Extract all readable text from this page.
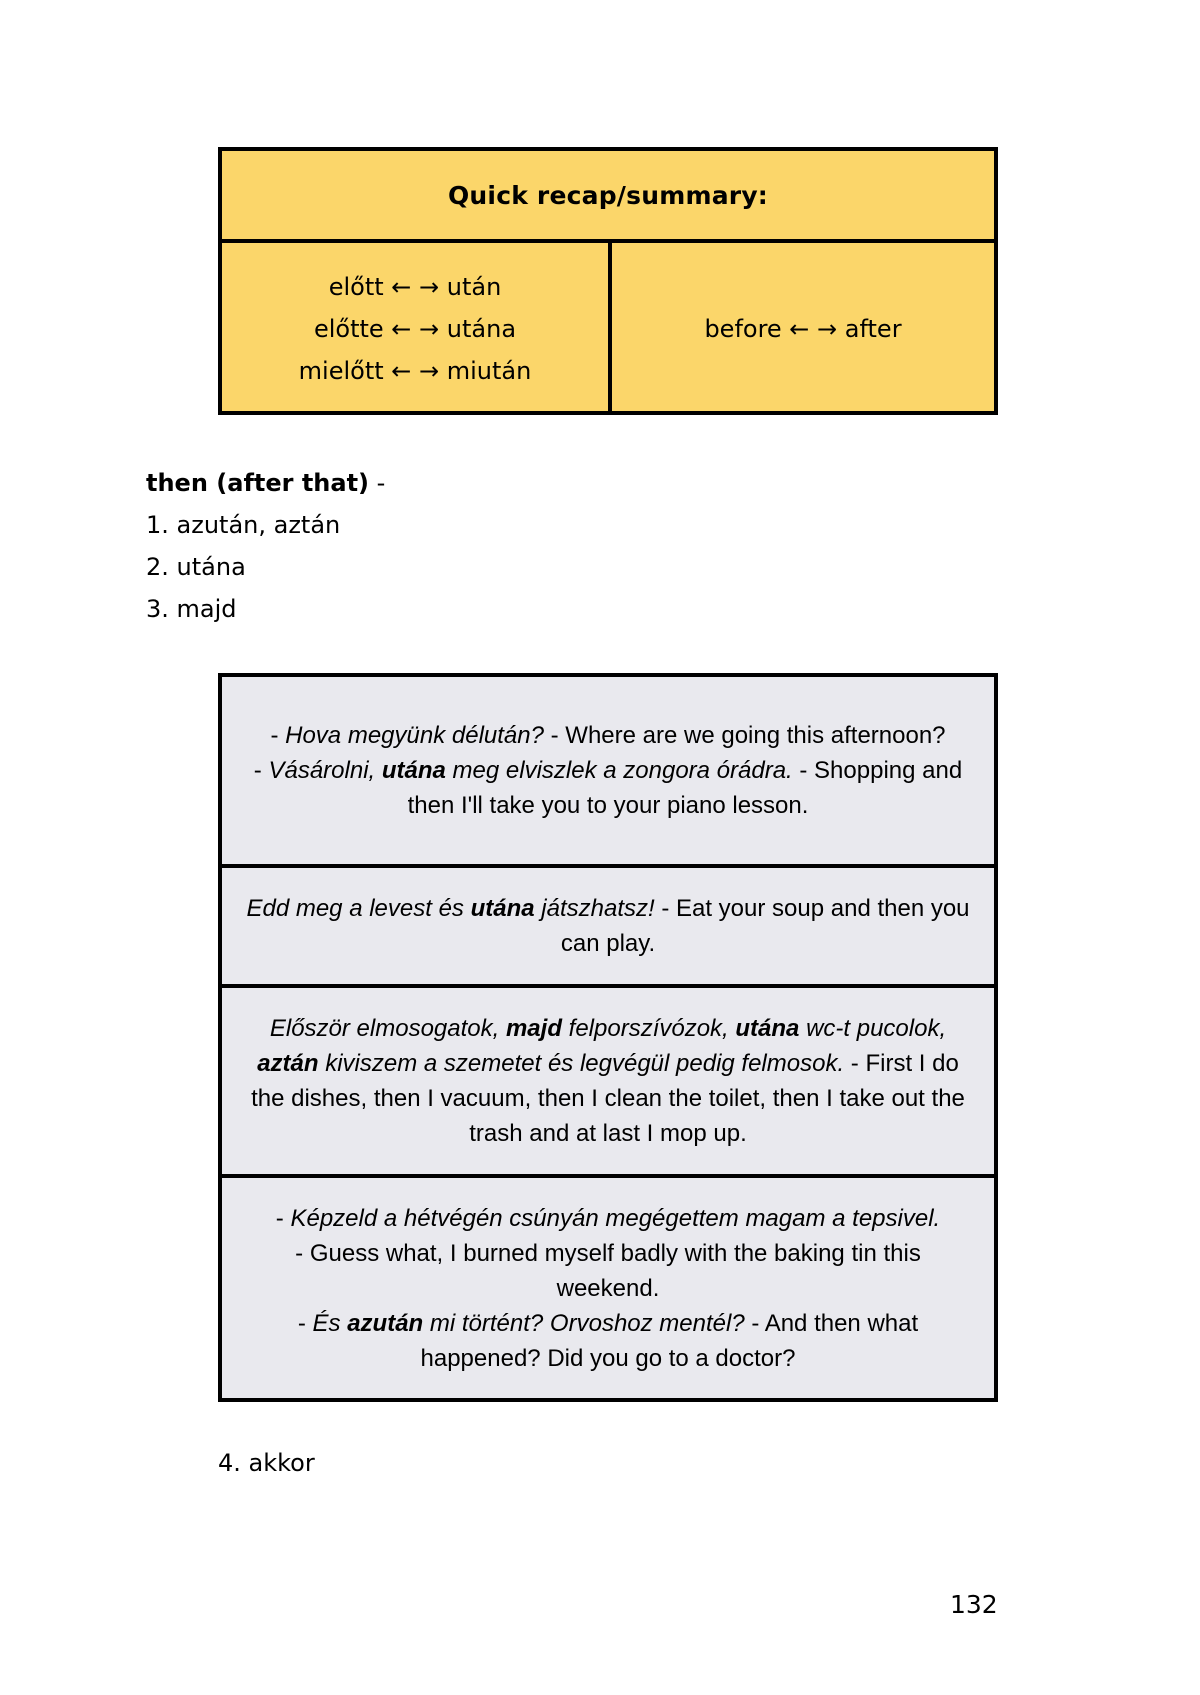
Quick recap/summary:
előtt ← → után
előtte ← → utána
mielőtt ← → miután
before ← → after
then (after that) -
1. azután, aztán
2. utána
3. majd

- Hova megyünk délután? - Where are we going this afternoon?

- Vásárolni, utána meg elviszlek a zongora órádra. - Shopping and then I'll take you to your piano lesson.

Edd meg a levest és utána játszhatsz! - Eat your soup and then you can play.

Először elmosogatok, majd felporszívózok, utána wc-t pucolok, aztán kiviszem a szemetet és legvégül pedig felmosok. - First I do the dishes, then I vacuum, then I clean the toilet, then I take out the trash and at last I mop up.

- Képzeld a hétvégén csúnyán megégettem magam a tepsivel.

- Guess what, I burned myself badly with the baking tin this weekend.

- És azután mi történt? Orvoshoz mentél? - And then what happened? Did you go to a doctor?

4. akkor
132
